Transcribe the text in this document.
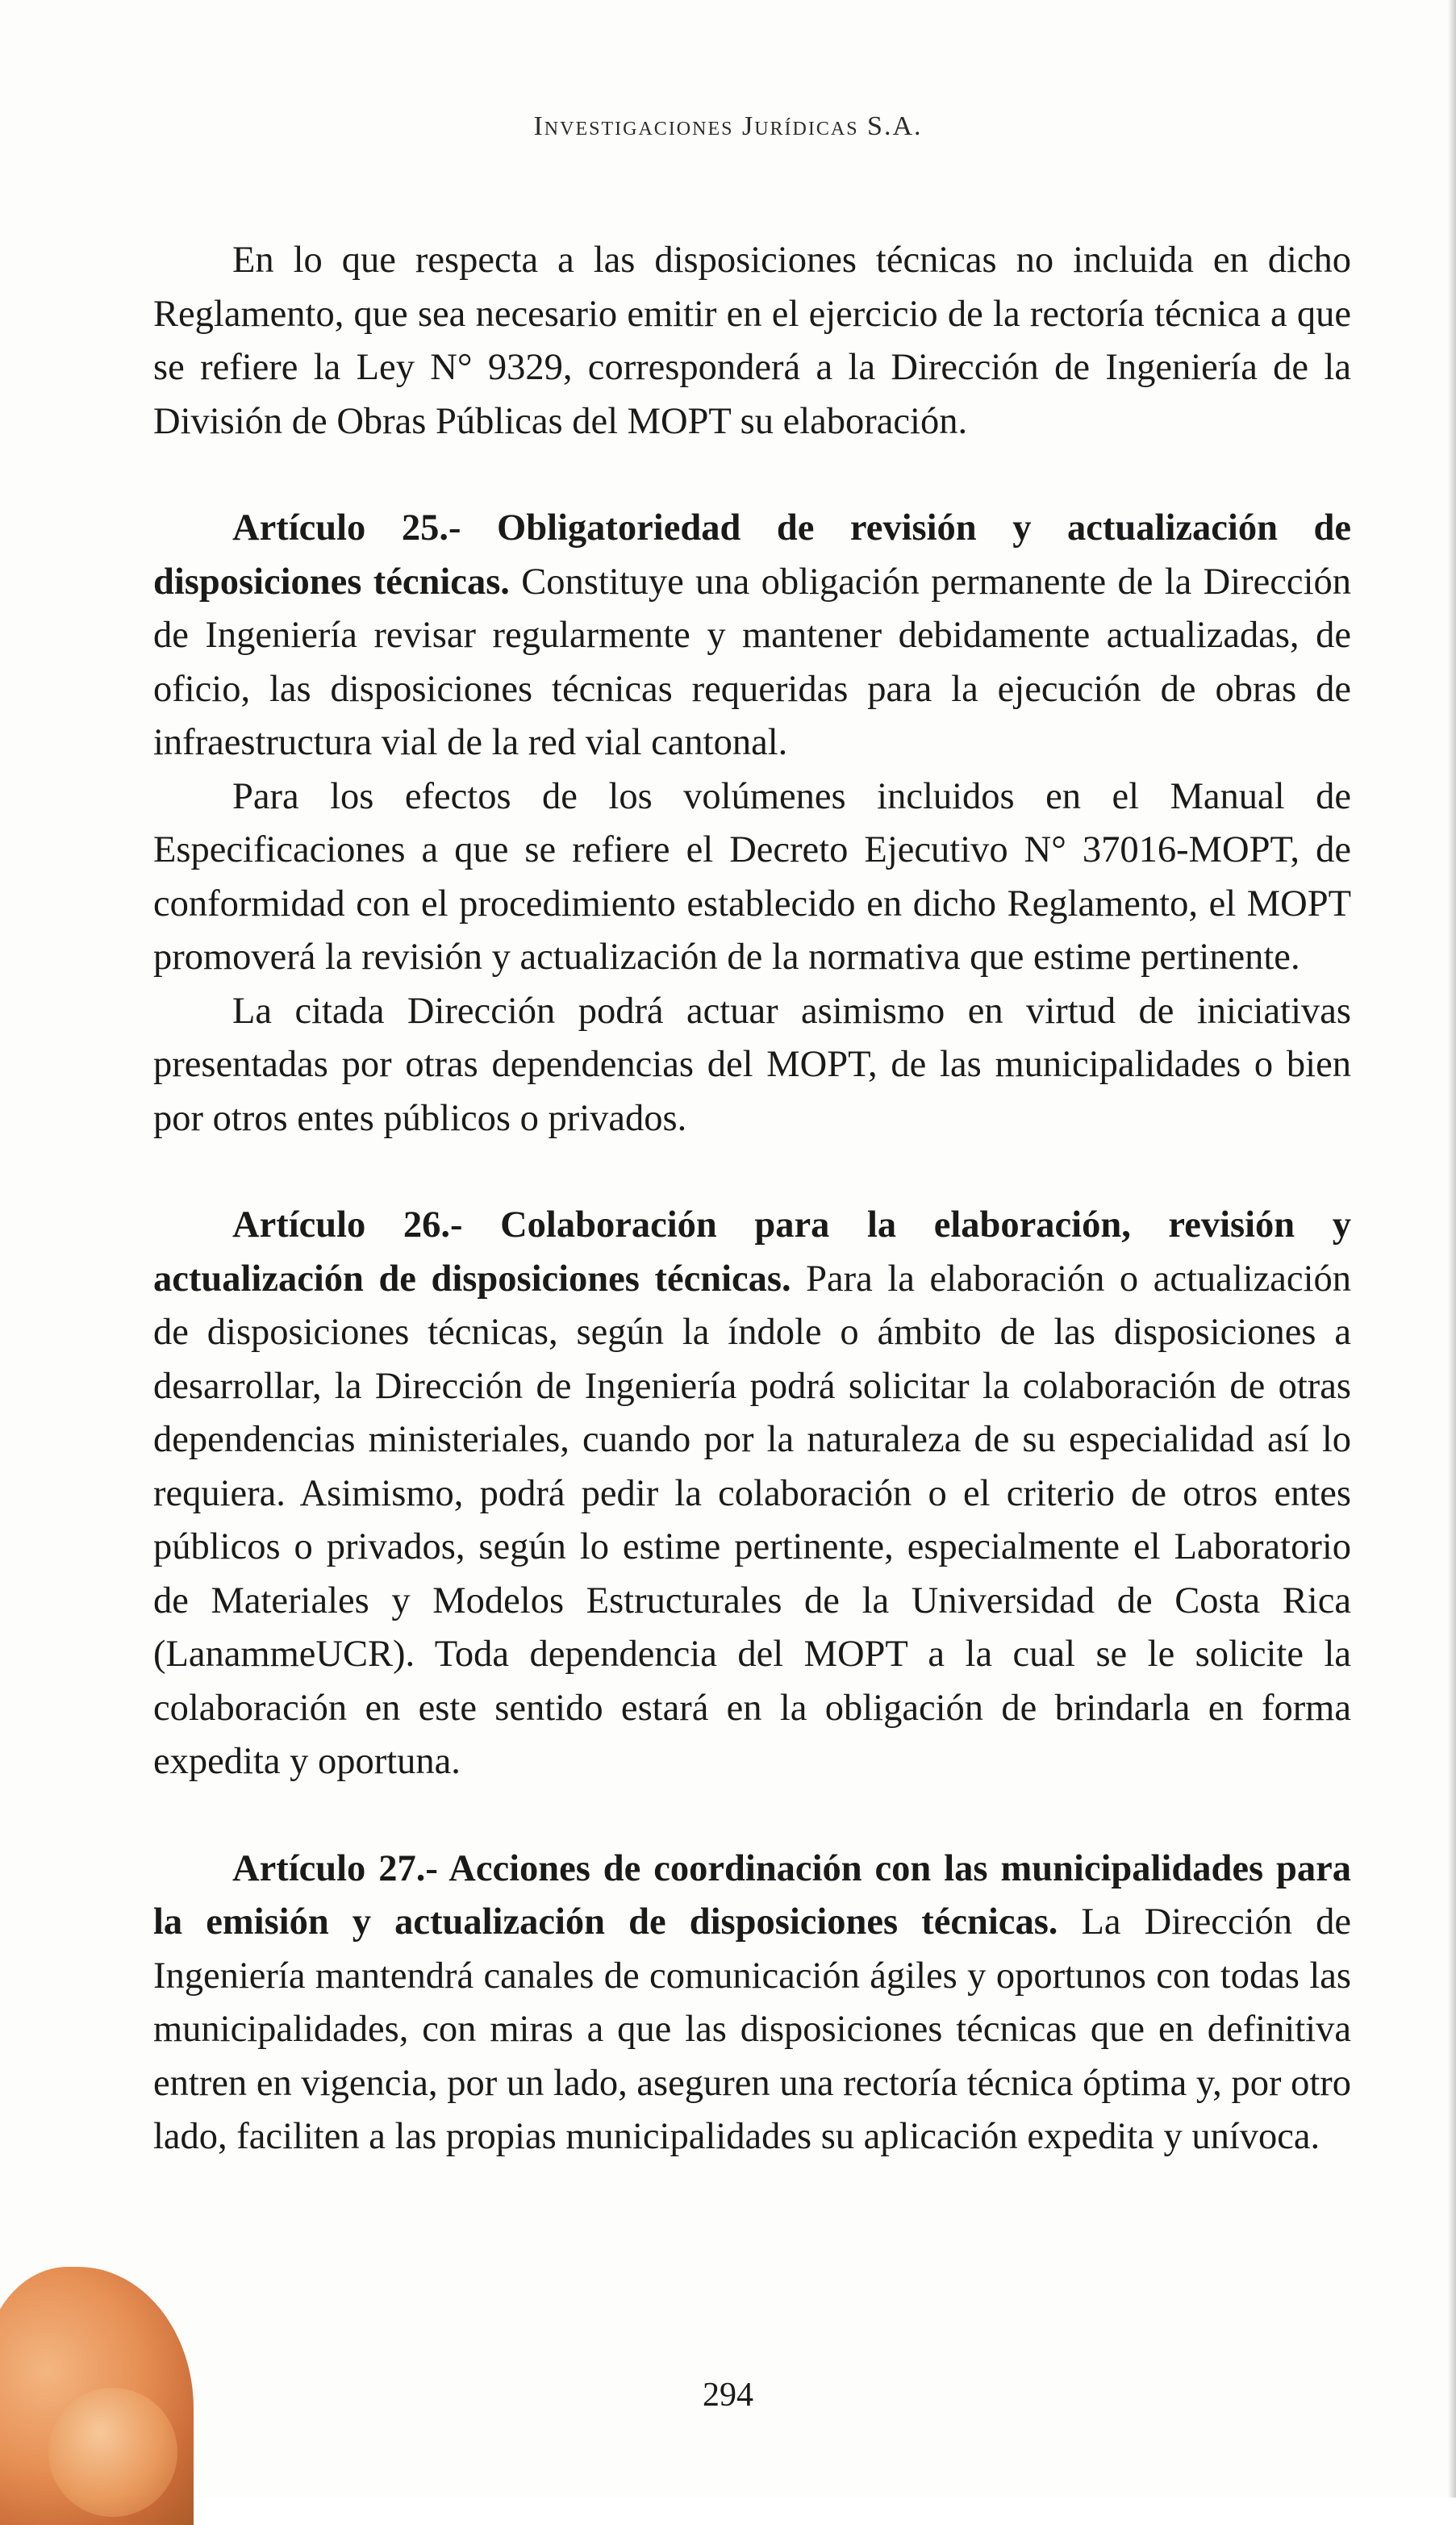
Investigaciones Jurídicas S.A.

En lo que respecta a las disposiciones técnicas no incluida en dicho Reglamento, que sea necesario emitir en el ejercicio de la rectoría técnica a que se refiere la Ley N° 9329, corresponderá a la Dirección de Ingeniería de la División de Obras Públicas del MOPT su elaboración.

Artículo 25.- Obligatoriedad de revisión y actualización de disposiciones técnicas. Constituye una obligación permanente de la Dirección de Ingeniería revisar regularmente y mantener debidamente actualizadas, de oficio, las disposiciones técnicas requeridas para la ejecución de obras de infraestructura vial de la red vial cantonal.

Para los efectos de los volúmenes incluidos en el Manual de Especificaciones a que se refiere el Decreto Ejecutivo N° 37016-MOPT, de conformidad con el procedimiento establecido en dicho Reglamento, el MOPT promoverá la revisión y actualización de la normativa que estime pertinente.

La citada Dirección podrá actuar asimismo en virtud de iniciativas presentadas por otras dependencias del MOPT, de las municipalidades o bien por otros entes públicos o privados.

Artículo 26.- Colaboración para la elaboración, revisión y actualización de disposiciones técnicas. Para la elaboración o actualización de disposiciones técnicas, según la índole o ámbito de las disposiciones a desarrollar, la Dirección de Ingeniería podrá solicitar la colaboración de otras dependencias ministeriales, cuando por la naturaleza de su especialidad así lo requiera. Asimismo, podrá pedir la colaboración o el criterio de otros entes públicos o privados, según lo estime pertinente, especialmente el Laboratorio de Materiales y Modelos Estructurales de la Universidad de Costa Rica (LanammeUCR). Toda dependencia del MOPT a la cual se le solicite la colaboración en este sentido estará en la obligación de brindarla en forma expedita y oportuna.

Artículo 27.- Acciones de coordinación con las municipalidades para la emisión y actualización de disposiciones técnicas. La Dirección de Ingeniería mantendrá canales de comunicación ágiles y oportunos con todas las municipalidades, con miras a que las disposiciones técnicas que en definitiva entren en vigencia, por un lado, aseguren una rectoría técnica óptima y, por otro lado, faciliten a las propias municipalidades su aplicación expedita y unívoca.

294
